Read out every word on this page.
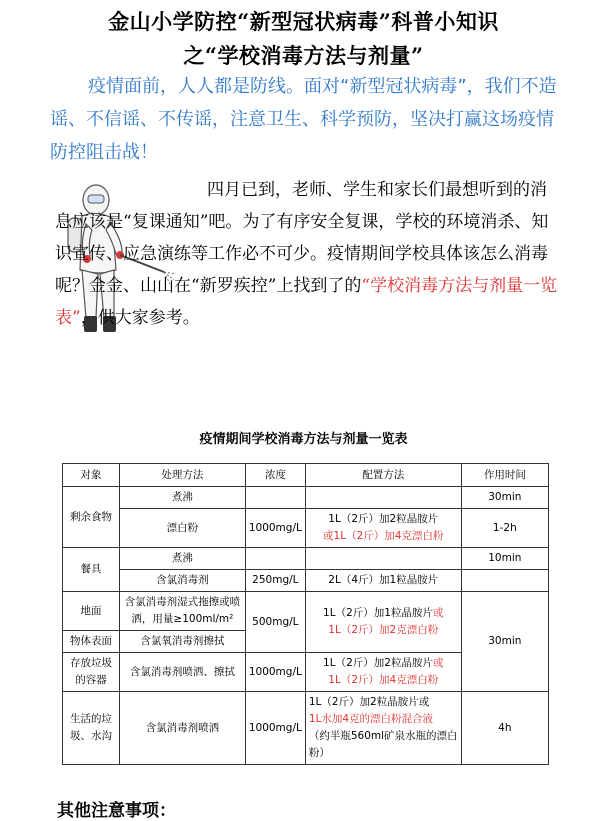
金山小学防控“新型冠状病毒”科普小知识
之“学校消毒方法与剂量”
疫情面前，人人都是防线。面对“新型冠状病毒”，我们不造谣、不信谣、不传谣，注意卫生、科学预防，坚决打赢这场疫情防控阻击战！
四月已到，老师、学生和家长们最想听到的消息应该是“复课通知”吧。为了有序安全复课，学校的环境消杀、知识宣传、应急演练等工作必不可少。疫情期间学校具体该怎么消毒呢？金金、山山在“新罗疾控”上找到了的“学校消毒方法与剂量一览表”，供大家参考。
疫情期间学校消毒方法与剂量一览表
对象	处理方法	浓度	配置方法	作用时间
剩余食物	煮沸			30min
	漂白粉	1000mg/L	1L（2斤）加2粒晶胺片
或1L（2斤）加4克漂白粉	1-2h
餐具	煮沸			10min
	含氯消毒剂	250mg/L	2L（4斤）加1粒晶胺片	
地面	含氯消毒剂湿式拖擦或喷洒，用量≥100ml/m²	500mg/L	1L（2斤）加1粒晶胺片或
1L（2斤）加2克漂白粉	30min
物体表面	含氯氧消毒剂擦拭			
存放垃圾的容器	含氯消毒剂喷洒、擦拭	1000mg/L	1L（2斤）加2粒晶胺片或
1L（2斤）加4克漂白粉	

生活的垃圾、水沟	含氯消毒剂喷洒	1000mg/L	1L（2斤）加2粒晶胺片或
1L水加4克的漂白粉混合液
（约半瓶560ml矿泉水瓶的漂白粉）	4h
其他注意事项：
